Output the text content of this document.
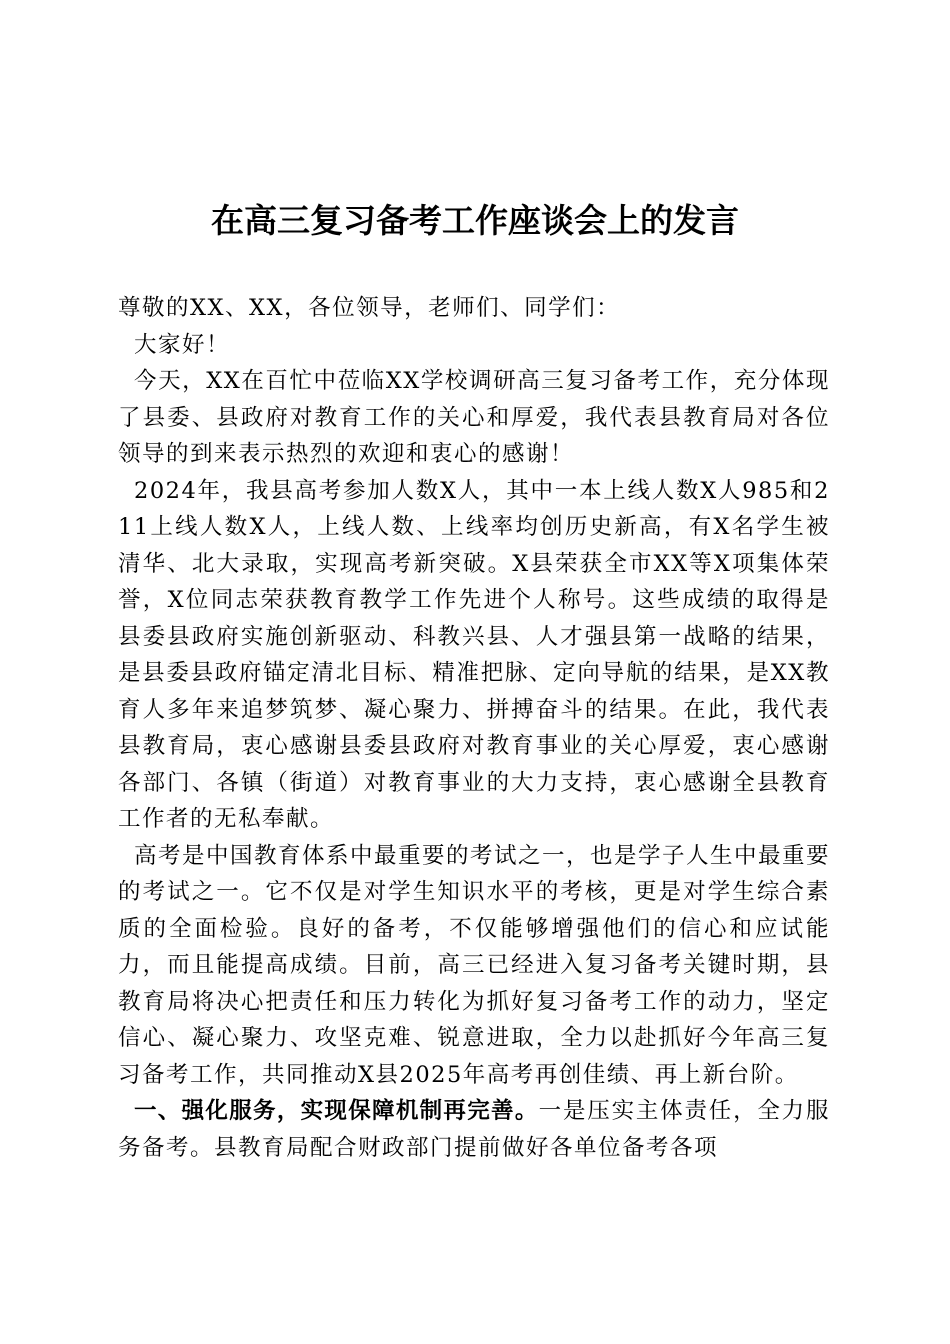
在高三复习备考工作座谈会上的发言

尊敬的XX、XX，各位领导，老师们、同学们：

大家好！

今天，XX在百忙中莅临XX学校调研高三复习备考工作，充分体现了县委、县政府对教育工作的关心和厚爱，我代表县教育局对各位领导的到来表示热烈的欢迎和衷心的感谢！

2024年，我县高考参加人数X人，其中一本上线人数X人985和211上线人数X人，上线人数、上线率均创历史新高，有X名学生被清华、北大录取，实现高考新突破。X县荣获全市XX等X项集体荣誉，X位同志荣获教育教学工作先进个人称号。这些成绩的取得是县委县政府实施创新驱动、科教兴县、人才强县第一战略的结果，是县委县政府锚定清北目标、精准把脉、定向导航的结果，是XX教育人多年来追梦筑梦、凝心聚力、拼搏奋斗的结果。在此，我代表县教育局，衷心感谢县委县政府对教育事业的关心厚爱，衷心感谢各部门、各镇（街道）对教育事业的大力支持，衷心感谢全县教育工作者的无私奉献。

高考是中国教育体系中最重要的考试之一，也是学子人生中最重要的考试之一。它不仅是对学生知识水平的考核，更是对学生综合素质的全面检验。良好的备考，不仅能够增强他们的信心和应试能力，而且能提高成绩。目前，高三已经进入复习备考关键时期，县教育局将决心把责任和压力转化为抓好复习备考工作的动力，坚定信心、凝心聚力、攻坚克难、锐意进取，全力以赴抓好今年高三复习备考工作，共同推动X县2025年高考再创佳绩、再上新台阶。

一、强化服务，实现保障机制再完善。一是压实主体责任，全力服务备考。县教育局配合财政部门提前做好各单位备考各项
